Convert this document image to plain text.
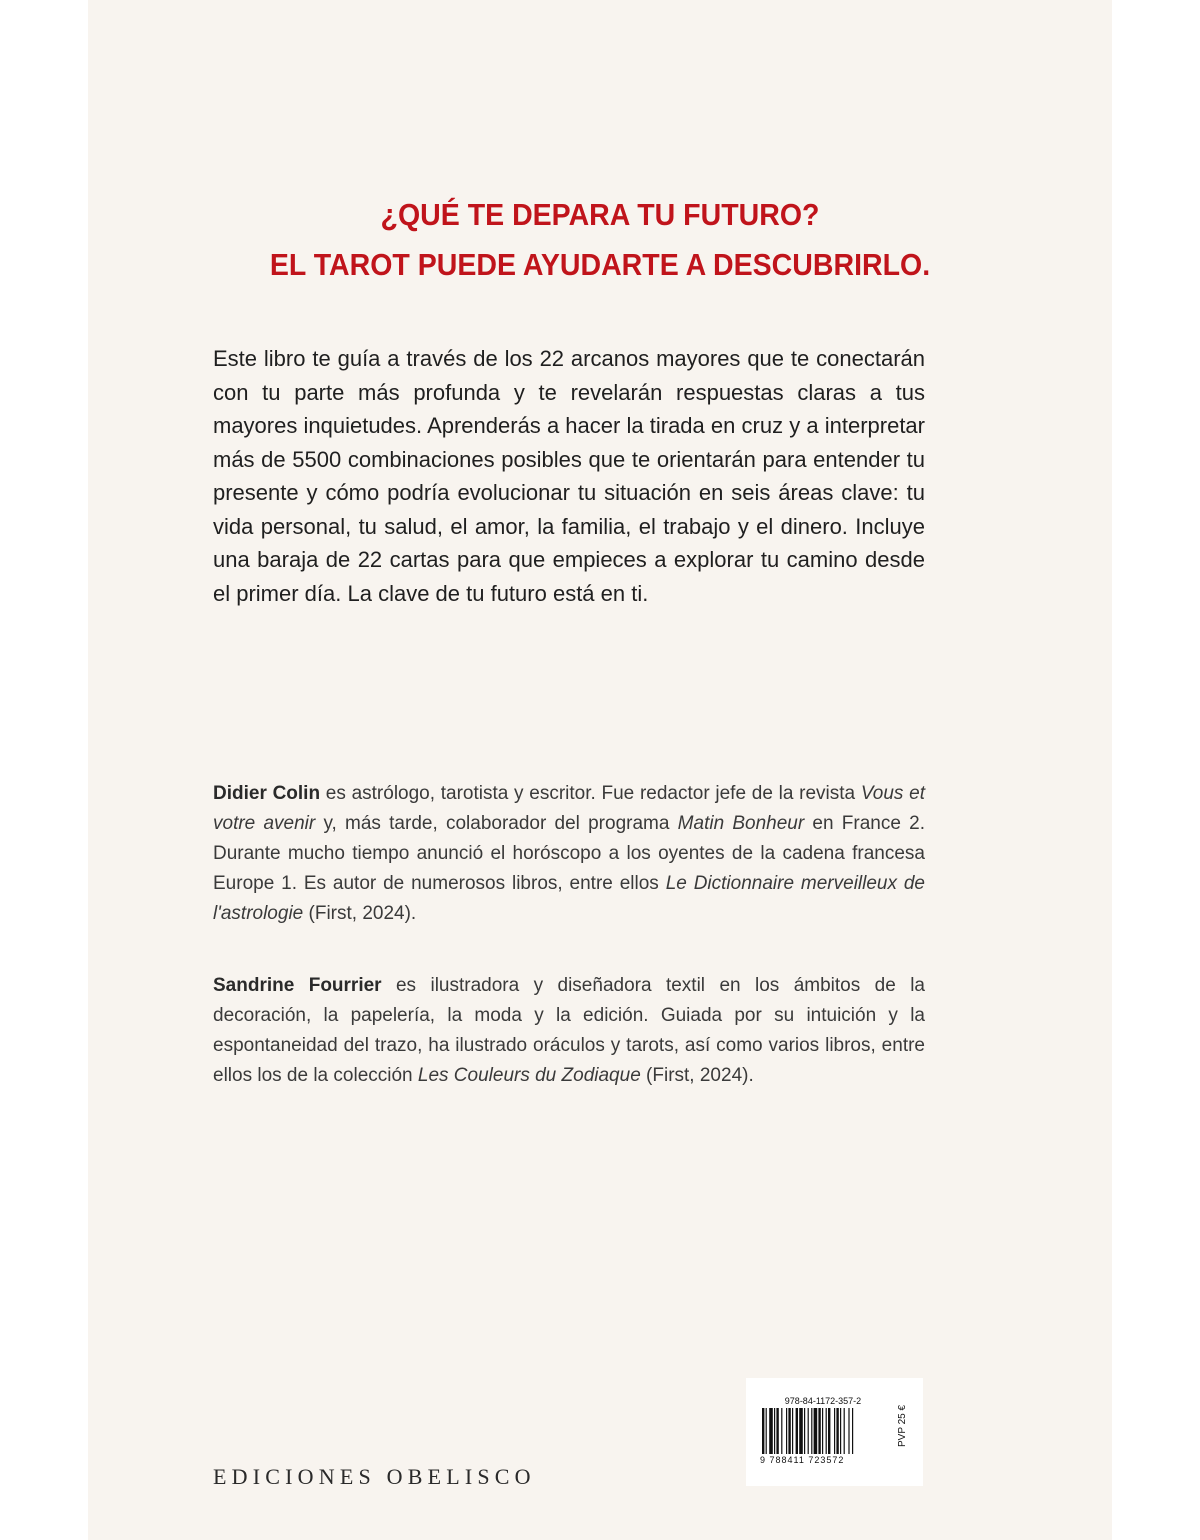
¿QUÉ TE DEPARA TU FUTURO?
EL TAROT PUEDE AYUDARTE A DESCUBRIRLO.

Este libro te guía a través de los 22 arcanos mayores que te conectarán con tu parte más profunda y te revelarán respuestas claras a tus mayores inquietudes. Aprenderás a hacer la tirada en cruz y a interpretar más de 5500 combinaciones posibles que te orientarán para entender tu presente y cómo podría evolucionar tu situación en seis áreas clave: tu vida personal, tu salud, el amor, la familia, el trabajo y el dinero. Incluye una baraja de 22 cartas para que empieces a explorar tu camino desde el primer día. La clave de tu futuro está en ti.

Didier Colin es astrólogo, tarotista y escritor. Fue redactor jefe de la revista Vous et votre avenir y, más tarde, colaborador del programa Matin Bonheur en France 2. Durante mucho tiempo anunció el horóscopo a los oyentes de la cadena francesa Europe 1. Es autor de numerosos libros, entre ellos Le Dictionnaire merveilleux de l'astrologie (First, 2024).

Sandrine Fourrier es ilustradora y diseñadora textil en los ámbitos de la decoración, la papelería, la moda y la edición. Guiada por su intuición y la espontaneidad del trazo, ha ilustrado oráculos y tarots, así como varios libros, entre ellos los de la colección Les Couleurs du Zodiaque (First, 2024).

EDICIONES OBELISCO
978-84-1172-357-2
9 788411 723572
PVP 25 €
